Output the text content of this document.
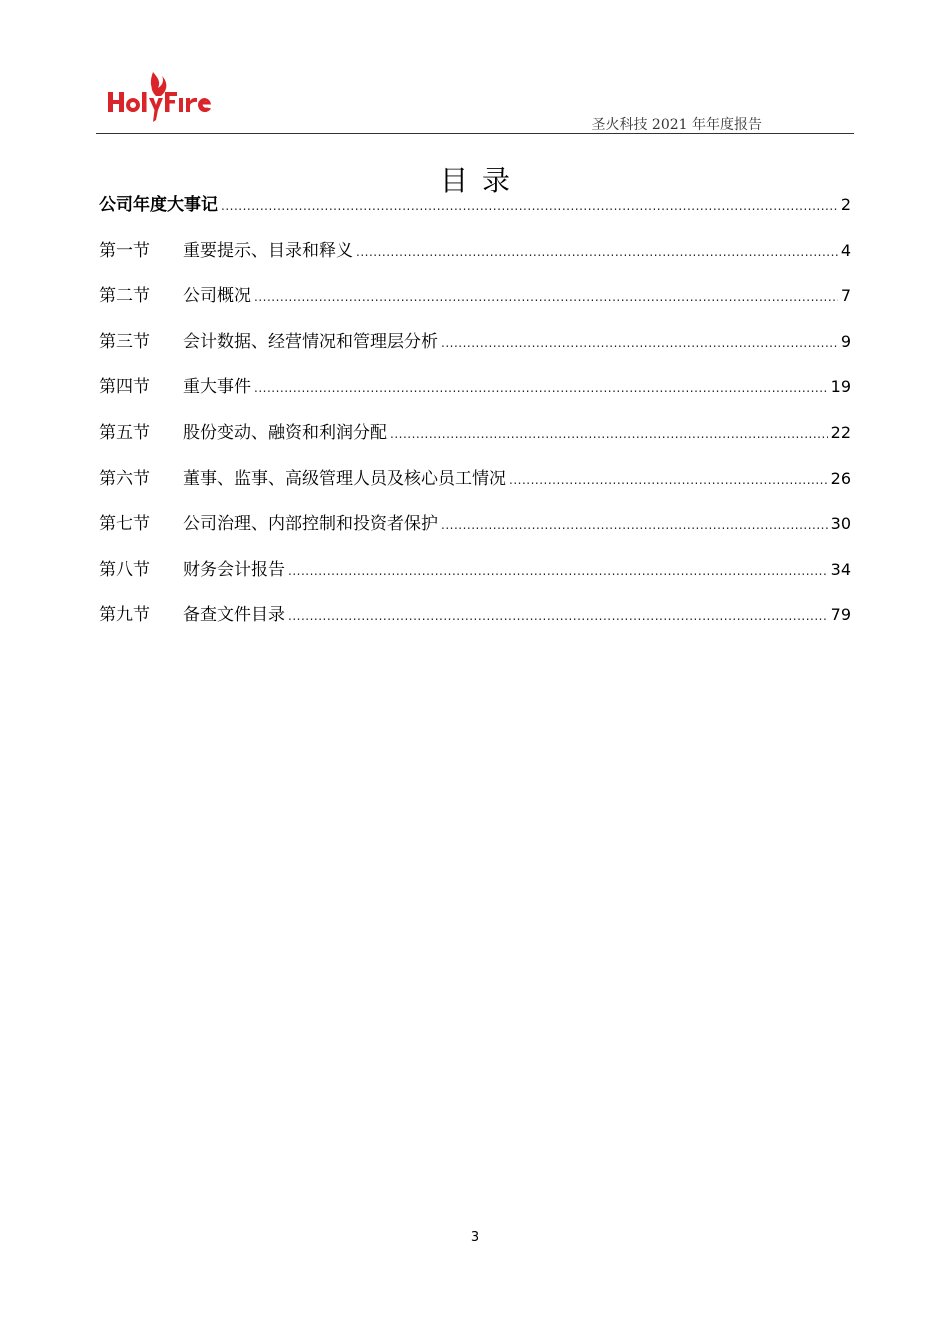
圣火科技 2021 年年度报告
目录
公司年度大事记 .....	2
第一节	重要提示、目录和释义 .....	4
第二节	公司概况 .....	7
第三节	会计数据、经营情况和管理层分析 .....	9
第四节	重大事件 .....	19
第五节	股份变动、融资和利润分配 .....	22
第六节	董事、监事、高级管理人员及核心员工情况 .....	26
第七节	公司治理、内部控制和投资者保护 .....	30
第八节	财务会计报告 .....	34
第九节	备查文件目录 .....	79
3
